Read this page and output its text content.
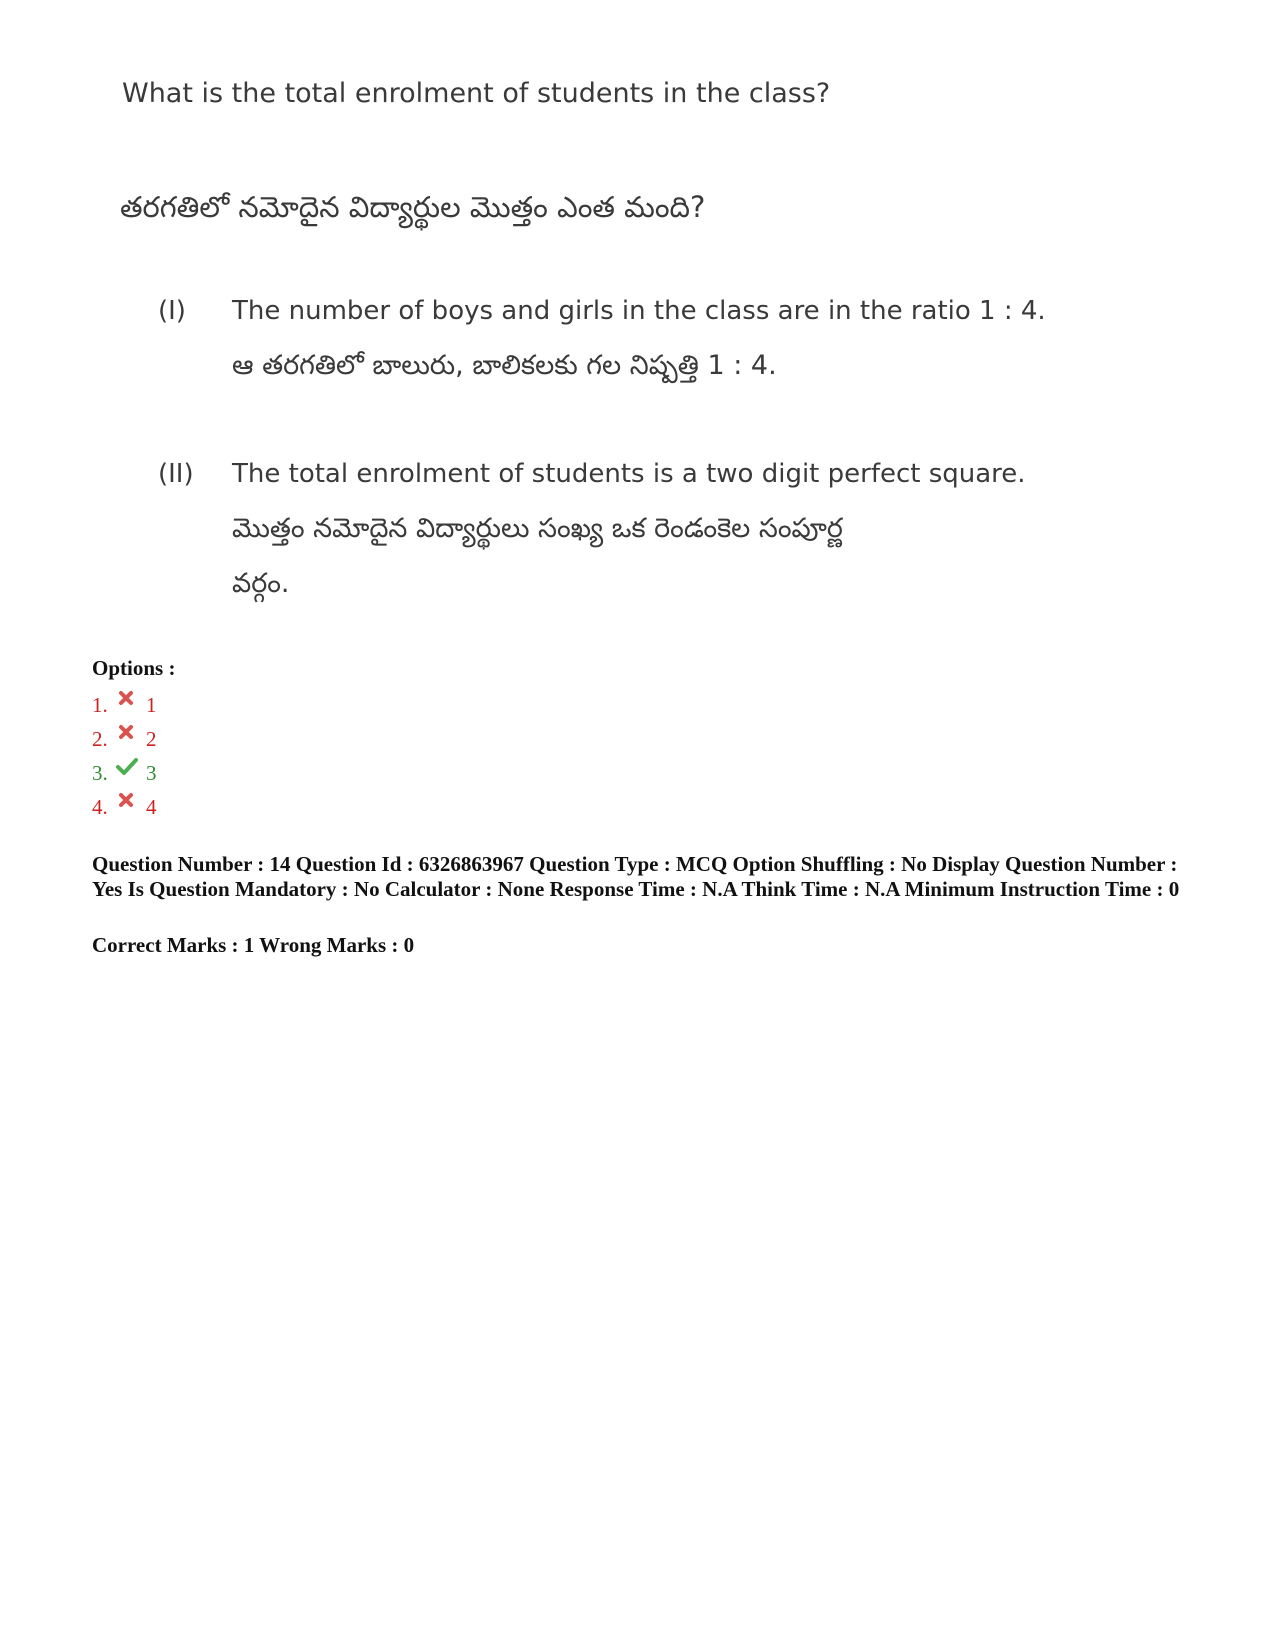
What is the total enrolment of students in the class?
తరగతిలో నమోదైన విద్యార్థుల మొత్తం ఎంత మంది?
(I) The number of boys and girls in the class are in the ratio 1 : 4.
ఆ తరగతిలో బాలురు, బాలికలకు గల నిష్పత్తి 1 : 4.
(II) The total enrolment of students is a two digit perfect square.
మొత్తం నమోదైన విద్యార్థులు సంఖ్య ఒక రెండంకెల సంపూర్ణ
వర్గం.
Options :
1.	1
2.	2
3.	3
4.	4
Question Number : 14 Question Id : 6326863967 Question Type : MCQ Option Shuffling : No Display Question Number : Yes Is Question Mandatory : No Calculator : None Response Time : N.A Think Time : N.A Minimum Instruction Time : 0
Correct Marks : 1 Wrong Marks : 0
